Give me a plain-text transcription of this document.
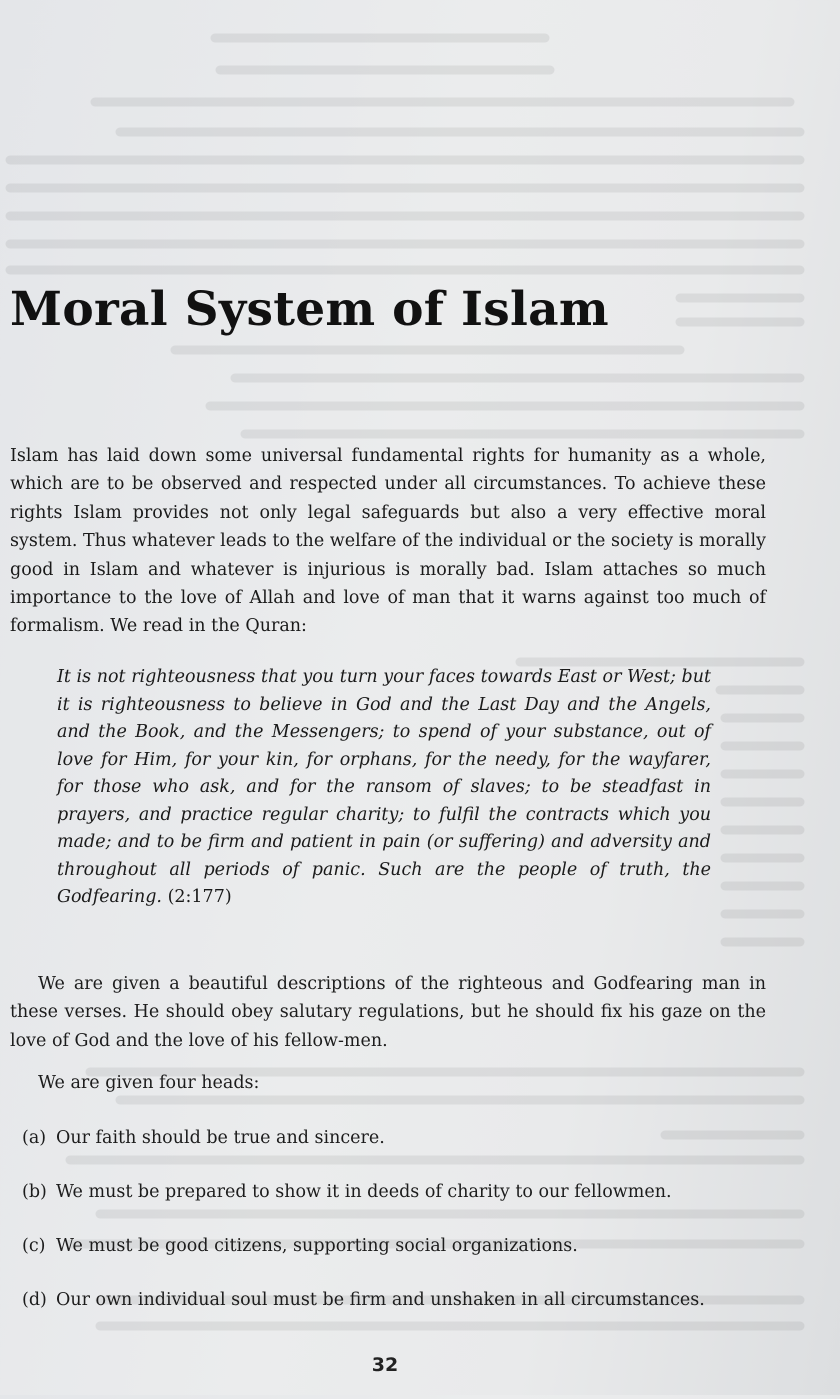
Moral System of Islam

Islam has laid down some universal fundamental rights for humanity as a whole, which are to be observed and respected under all circumstances. To achieve these rights Islam provides not only legal safeguards but also a very effective moral system. Thus whatever leads to the welfare of the individual or the society is morally good in Islam and whatever is injurious is morally bad. Islam attaches so much importance to the love of Allah and love of man that it warns against too much of formalism. We read in the Quran:

It is not righteousness that you turn your faces towards East or West; but it is righteousness to believe in God and the Last Day and the Angels, and the Book, and the Messengers; to spend of your substance, out of love for Him, for your kin, for orphans, for the needy, for the wayfarer, for those who ask, and for the ransom of slaves; to be steadfast in prayers, and practice regular charity; to fulfil the contracts which you made; and to be firm and patient in pain (or suffering) and adversity and throughout all periods of panic. Such are the people of truth, the Godfearing. (2:177)

We are given a beautiful descriptions of the righteous and Godfearing man in these verses. He should obey salutary regulations, but he should fix his gaze on the love of God and the love of his fellow-men.

We are given four heads:

(a) Our faith should be true and sincere.
(b) We must be prepared to show it in deeds of charity to our fellowmen.
(c) We must be good citizens, supporting social organizations.
(d) Our own individual soul must be firm and unshaken in all circumstances.
32
